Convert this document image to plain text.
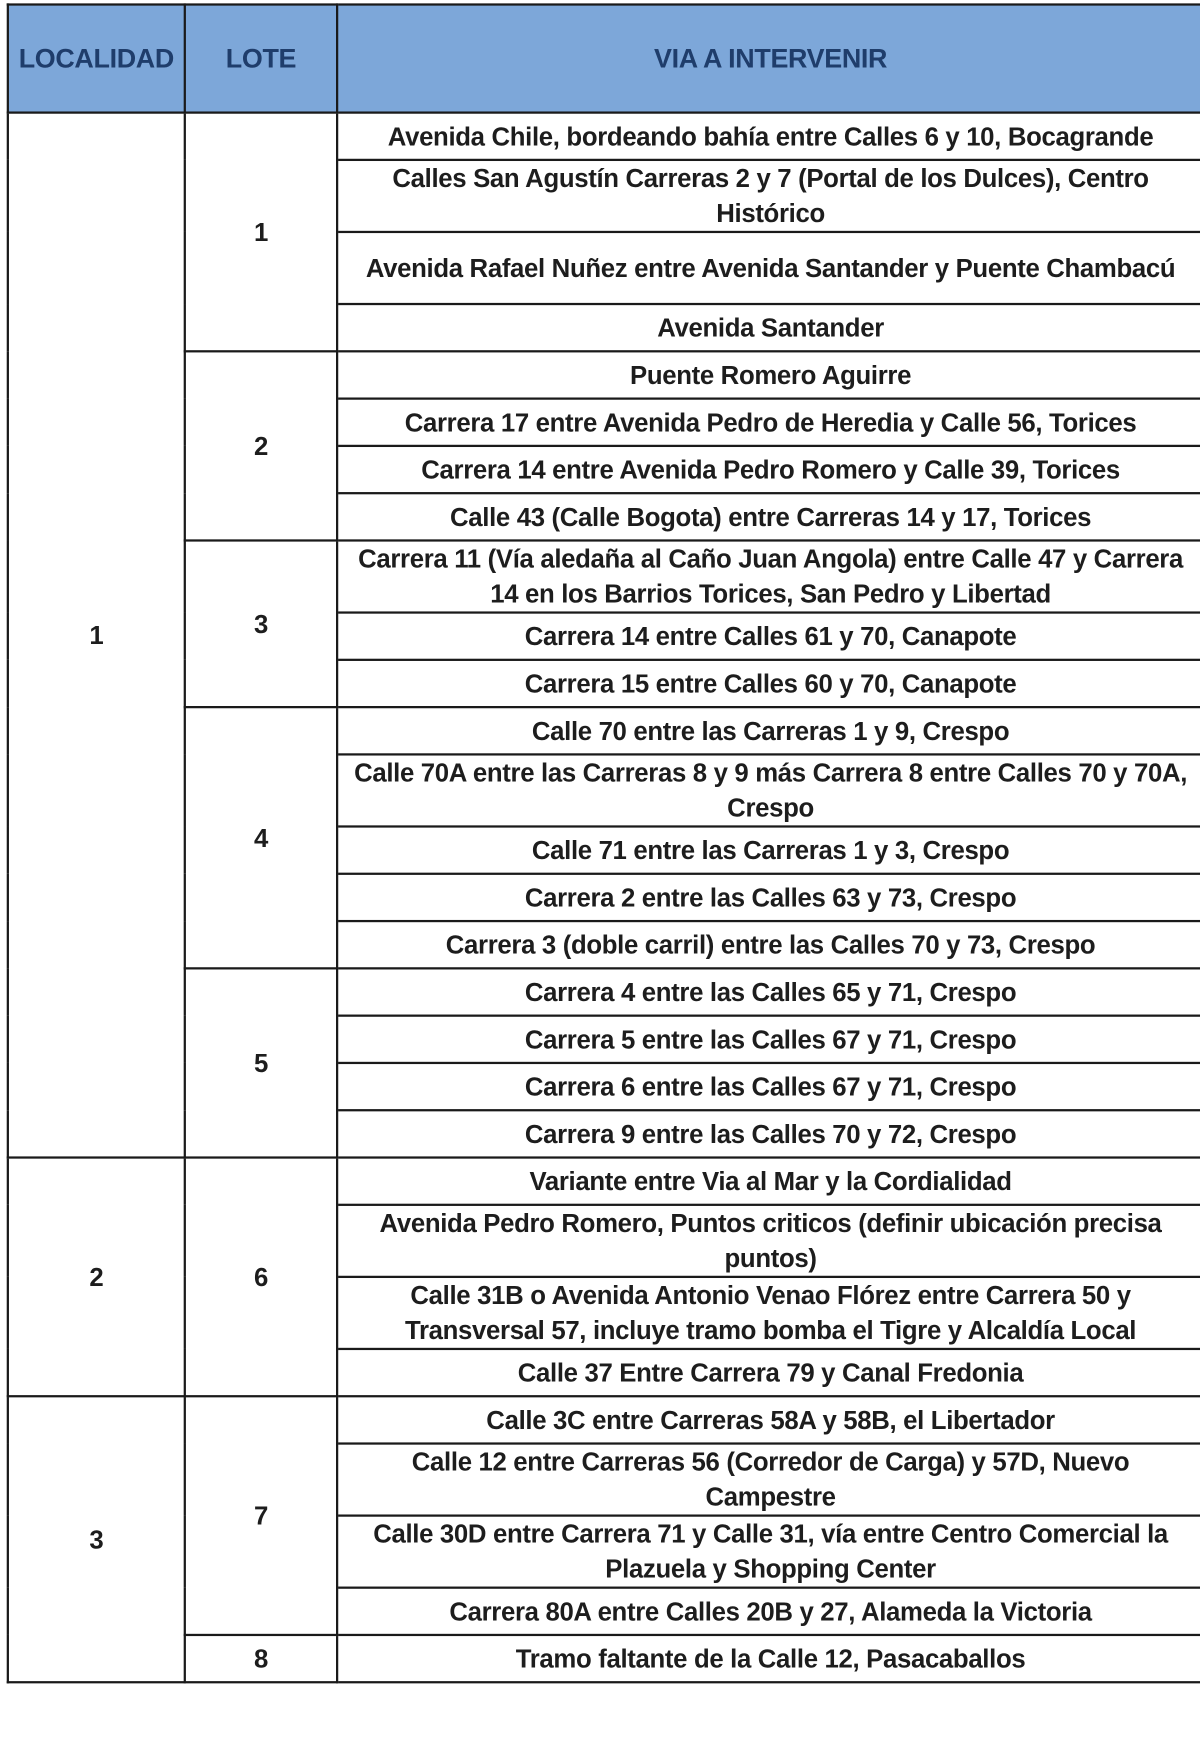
LOCALIDAD	LOTE	VIA A INTERVENIR
1	1	Avenida Chile, bordeando bahía entre Calles 6 y 10, Bocagrande
		Calles San Agustín Carreras 2 y 7 (Portal de los Dulces), Centro Histórico
		Avenida Rafael Nuñez entre Avenida Santander y Puente Chambacú
		Avenida Santander
	2	Puente Romero Aguirre
		Carrera 17 entre Avenida Pedro de Heredia y Calle 56, Torices
		Carrera 14 entre Avenida Pedro Romero y Calle 39, Torices
		Calle 43 (Calle Bogota) entre Carreras 14 y 17, Torices
	3	Carrera 11 (Vía aledaña al Caño Juan Angola) entre Calle 47 y Carrera 14 en los Barrios Torices, San Pedro y Libertad
		Carrera 14 entre Calles 61 y 70, Canapote
		Carrera 15 entre Calles 60 y 70, Canapote
	4	Calle 70 entre las Carreras 1 y 9, Crespo
		Calle 70A entre las Carreras 8 y 9 más Carrera 8 entre Calles 70 y 70A, Crespo
		Calle 71 entre las Carreras 1 y 3, Crespo
		Carrera 2 entre las Calles 63 y 73, Crespo
		Carrera 3 (doble carril) entre las Calles 70 y 73, Crespo
	5	Carrera 4 entre las Calles 65 y 71, Crespo
		Carrera 5 entre las Calles 67 y 71, Crespo
		Carrera 6 entre las Calles 67 y 71, Crespo
		Carrera 9 entre las Calles 70 y 72, Crespo
2	6	Variante entre Via al Mar y la Cordialidad
		Avenida Pedro Romero, Puntos criticos (definir ubicación precisa puntos)
		Calle 31B o Avenida Antonio Venao Flórez entre Carrera 50 y Transversal 57, incluye tramo bomba el Tigre y Alcaldía Local
		Calle 37 Entre Carrera 79 y Canal Fredonia
3	7	Calle 3C entre Carreras 58A y 58B, el Libertador
		Calle 12 entre Carreras 56 (Corredor de Carga) y 57D, Nuevo Campestre
		Calle 30D entre Carrera 71 y Calle 31, vía entre Centro Comercial la Plazuela y Shopping Center
		Carrera 80A entre Calles 20B y 27, Alameda la Victoria
	8	Tramo faltante de la Calle 12, Pasacaballos
